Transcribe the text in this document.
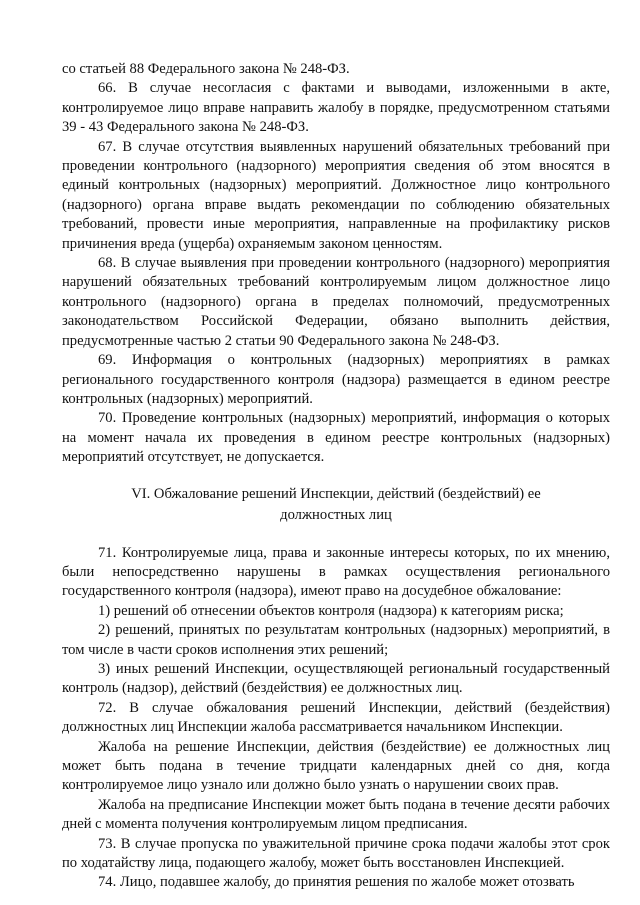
со статьей 88 Федерального закона № 248-ФЗ.

66. В случае несогласия с фактами и выводами, изложенными в акте, контролируемое лицо вправе направить жалобу в порядке, предусмотренном статьями 39 - 43 Федерального закона № 248-ФЗ.

67. В случае отсутствия выявленных нарушений обязательных требований при проведении контрольного (надзорного) мероприятия сведения об этом вносятся в единый контрольных (надзорных) мероприятий. Должностное лицо контрольного (надзорного) органа вправе выдать рекомендации по соблюдению обязательных требований, провести иные мероприятия, направленные на профилактику рисков причинения вреда (ущерба) охраняемым законом ценностям.

68. В случае выявления при проведении контрольного (надзорного) мероприятия нарушений обязательных требований контролируемым лицом должностное лицо контрольного (надзорного) органа в пределах полномочий, предусмотренных законодательством Российской Федерации, обязано выполнить действия, предусмотренные частью 2 статьи 90 Федерального закона № 248-ФЗ.

69. Информация о контрольных (надзорных) мероприятиях в рамках регионального государственного контроля (надзора) размещается в едином реестре контрольных (надзорных) мероприятий.

70. Проведение контрольных (надзорных) мероприятий, информация о которых на момент начала их проведения в едином реестре контрольных (надзорных) мероприятий отсутствует, не допускается.

VI. Обжалование решений Инспекции, действий (бездействий) ее
должностных лиц

71. Контролируемые лица, права и законные интересы которых, по их мнению, были непосредственно нарушены в рамках осуществления регионального государственного контроля (надзора), имеют право на досудебное обжалование:

1) решений об отнесении объектов контроля (надзора) к категориям риска;

2) решений, принятых по результатам контрольных (надзорных) мероприятий, в том числе в части сроков исполнения этих решений;

3) иных решений Инспекции, осуществляющей региональный государственный контроль (надзор), действий (бездействия) ее должностных лиц.

72. В случае обжалования решений Инспекции, действий (бездействия) должностных лиц Инспекции жалоба рассматривается начальником Инспекции.

Жалоба на решение Инспекции, действия (бездействие) ее должностных лиц может быть подана в течение тридцати календарных дней со дня, когда контролируемое лицо узнало или должно было узнать о нарушении своих прав.

Жалоба на предписание Инспекции может быть подана в течение десяти рабочих дней с момента получения контролируемым лицом предписания.

73. В случае пропуска по уважительной причине срока подачи жалобы этот срок по ходатайству лица, подающего жалобу, может быть восстановлен Инспекцией.

74. Лицо, подавшее жалобу, до принятия решения по жалобе может отозвать
